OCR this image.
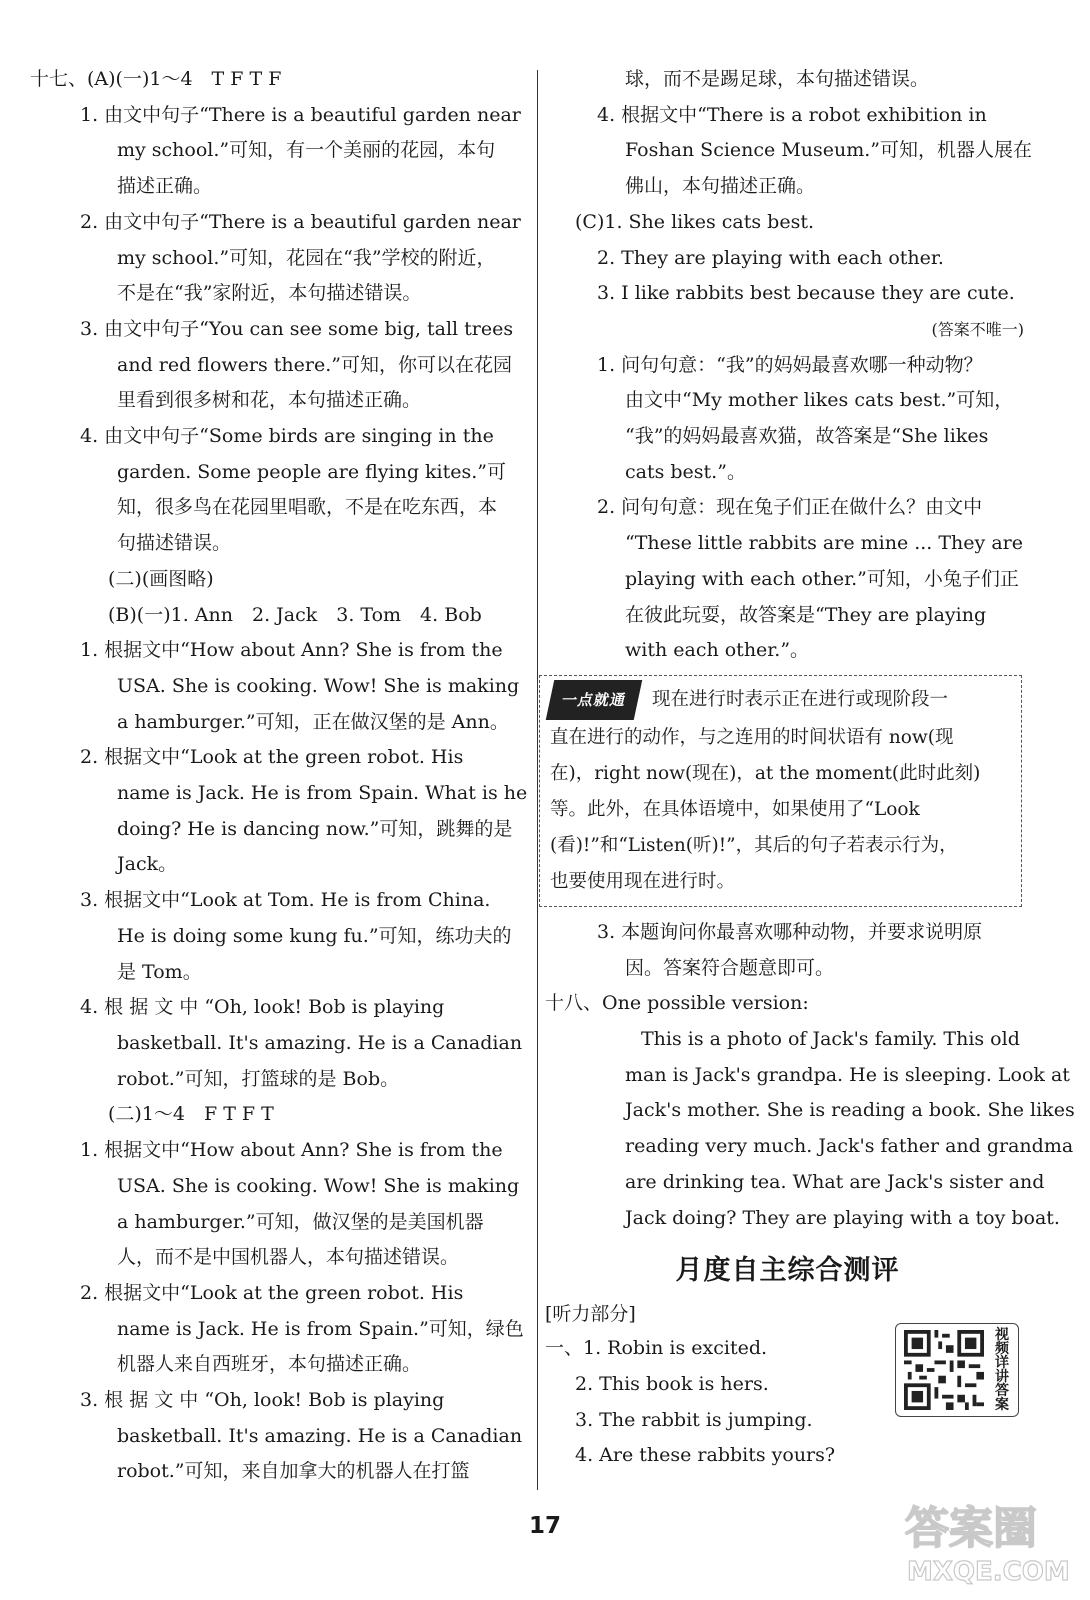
十七、(A)(一)1～4　T F T F
1. 由文中句子“There is a beautiful garden near
my school.”可知，有一个美丽的花园，本句
描述正确。
2. 由文中句子“There is a beautiful garden near
my school.”可知，花园在“我”学校的附近，
不是在“我”家附近，本句描述错误。
3. 由文中句子“You can see some big, tall trees
and red flowers there.”可知，你可以在花园
里看到很多树和花，本句描述正确。
4. 由文中句子“Some birds are singing in the
garden. Some people are flying kites.”可
知，很多鸟在花园里唱歌，不是在吃东西，本
句描述错误。
(二)(画图略)
(B)(一)1. Ann　2. Jack　3. Tom　4. Bob
1. 根据文中“How about Ann? She is from the
USA. She is cooking. Wow! She is making
a hamburger.”可知，正在做汉堡的是 Ann。
2. 根据文中“Look at the green robot. His
name is Jack. He is from Spain. What is he
doing? He is dancing now.”可知，跳舞的是
Jack。
3. 根据文中“Look at Tom. He is from China.
He is doing some kung fu.”可知，练功夫的
是 Tom。
4. 根 据 文 中 “Oh, look! Bob is playing
basketball. It's amazing. He is a Canadian
robot.”可知，打篮球的是 Bob。
(二)1～4　F T F T
1. 根据文中“How about Ann? She is from the
USA. She is cooking. Wow! She is making
a hamburger.”可知，做汉堡的是美国机器
人，而不是中国机器人，本句描述错误。
2. 根据文中“Look at the green robot. His
name is Jack. He is from Spain.”可知，绿色
机器人来自西班牙，本句描述正确。
3. 根 据 文 中 “Oh, look! Bob is playing
basketball. It's amazing. He is a Canadian
robot.”可知，来自加拿大的机器人在打篮
球，而不是踢足球，本句描述错误。
4. 根据文中“There is a robot exhibition in
Foshan Science Museum.”可知，机器人展在
佛山，本句描述正确。
(C)1. She likes cats best.
2. They are playing with each other.
3. I like rabbits best because they are cute.
(答案不唯一)
1. 问句句意：“我”的妈妈最喜欢哪一种动物？
由文中“My mother likes cats best.”可知，
“我”的妈妈最喜欢猫，故答案是“She likes
cats best.”。
2. 问句句意：现在兔子们正在做什么？由文中
“These little rabbits are mine ... They are
playing with each other.”可知，小兔子们正
在彼此玩耍，故答案是“They are playing
with each other.”。
一点就通 现在进行时表示正在进行或现阶段一
直在进行的动作，与之连用的时间状语有 now(现
在)，right now(现在)，at the moment(此时此刻)
等。此外，在具体语境中，如果使用了“Look
(看)!”和“Listen(听)!”，其后的句子若表示行为，
也要使用现在进行时。
3. 本题询问你最喜欢哪种动物，并要求说明原
因。答案符合题意即可。
十八、One possible version:
This is a photo of Jack's family. This old
man is Jack's grandpa. He is sleeping. Look at
Jack's mother. She is reading a book. She likes
reading very much. Jack's father and grandma
are drinking tea. What are Jack's sister and
Jack doing? They are playing with a toy boat.
月度自主综合测评
[听力部分]
一、1. Robin is excited.
2. This book is hers.
3. The rabbit is jumping.
4. Are these rabbits yours?
视频详讲答案
17	答案圈
MXQE.COM
